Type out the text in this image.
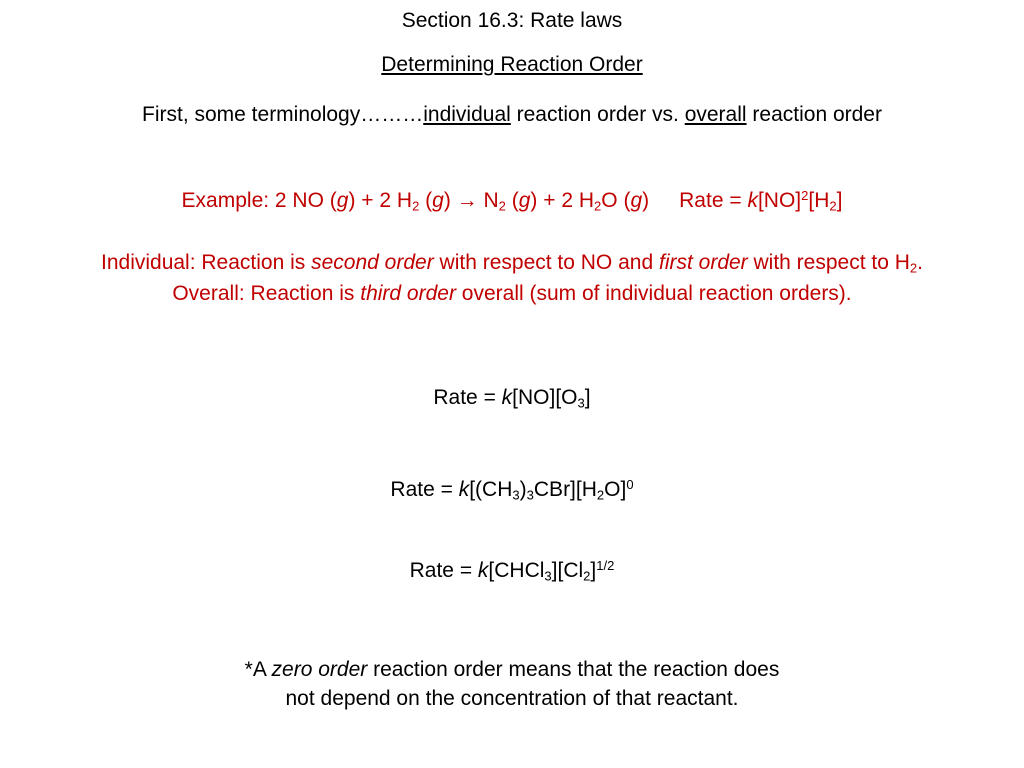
Section 16.3: Rate laws
Determining Reaction Order
First, some terminology………individual reaction order vs. overall reaction order
Example: 2 NO (g) + 2 $H_2$ $(g) \to N_2$ (g) + 2 $H_2O$ (g) Rate = $k[NO]^2[H_2]$
Individual: Reaction is second order with respect to NO and first order with respect to $H_2$.
Overall: Reaction is third order overall (sum of individual reaction orders).
Rate = $k[NO][O_3]$
Rate = $k[(CH_3)_3CBr][H_2O]^0$
Rate = $k[CHCl_3][Cl_2]^{1/2}$
*A zero order reaction order means that the reaction does
not depend on the concentration of that reactant.
